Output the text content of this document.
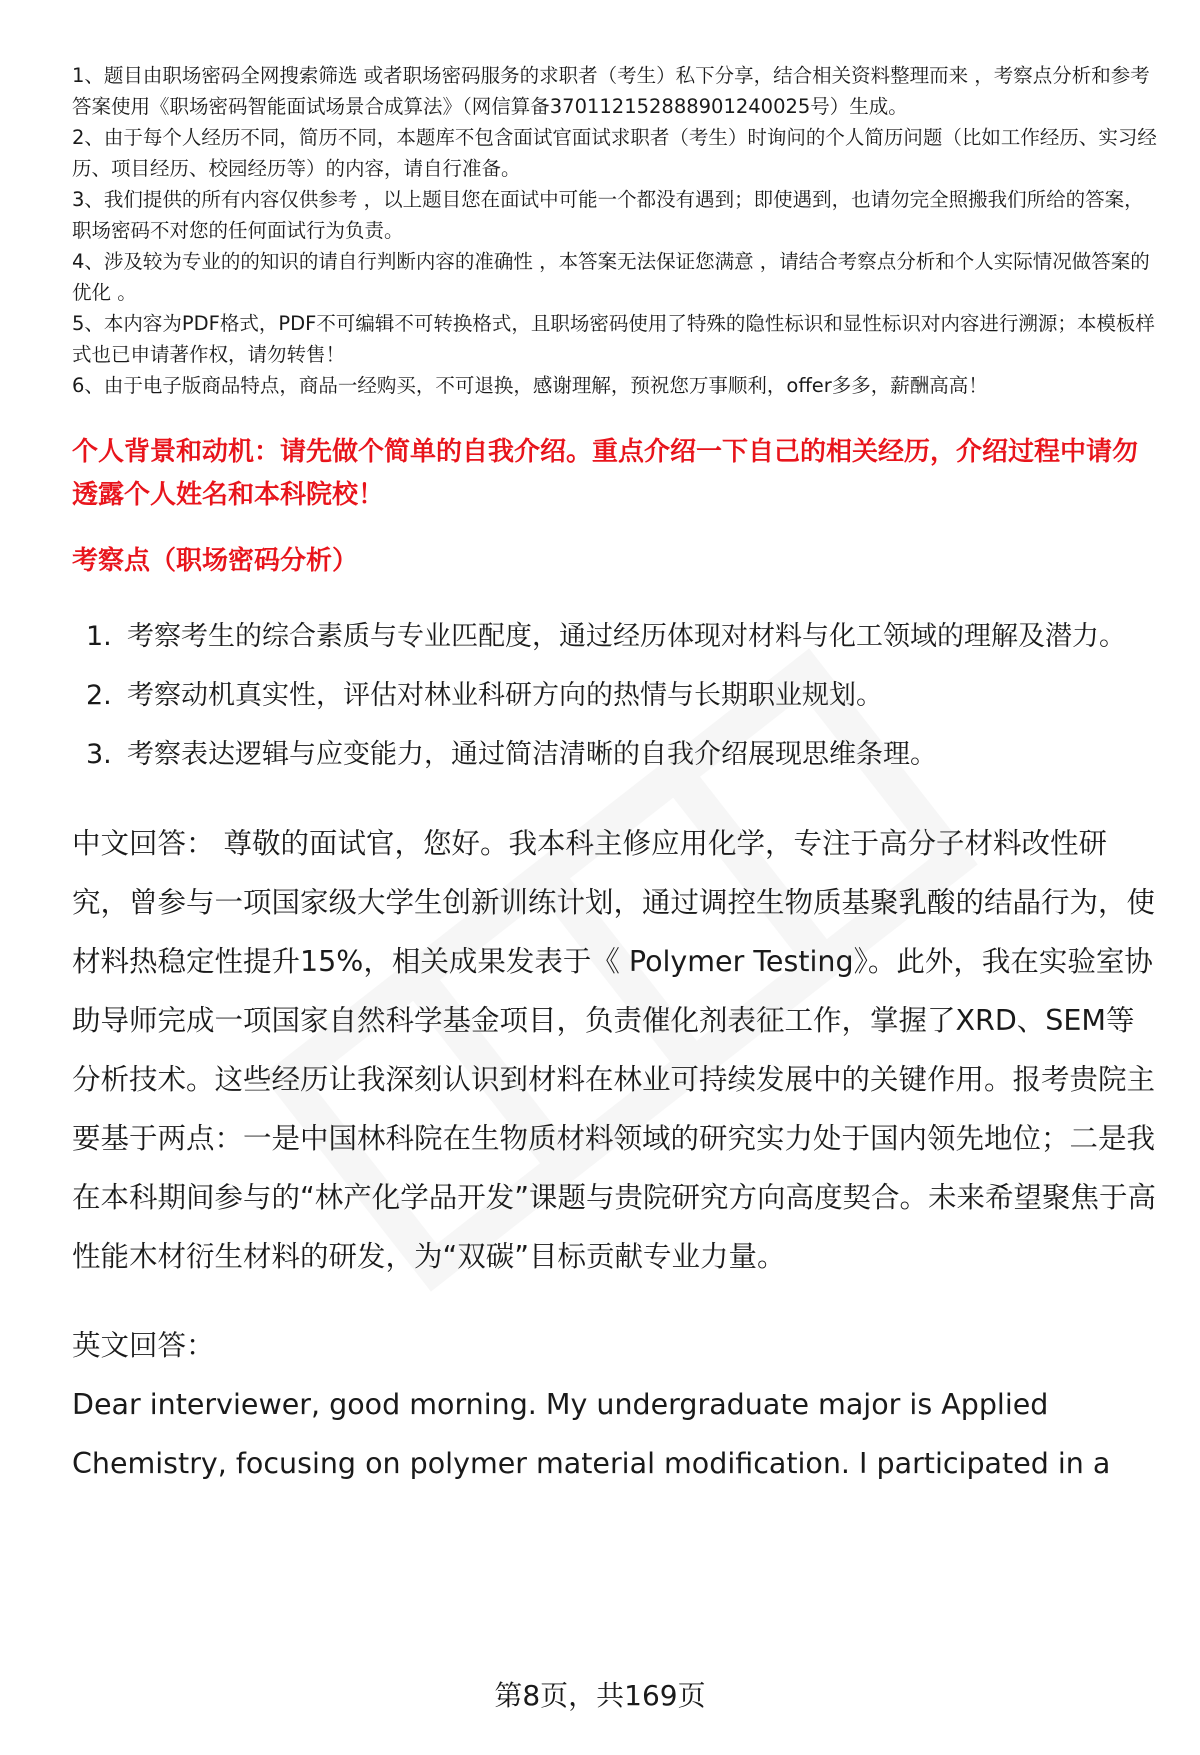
1、题目由职场密码全网搜索筛选 或者职场密码服务的求职者（考生）私下分享，结合相关资料整理而来 ，考察点分析和参考答案使用《职场密码智能面试场景合成算法》（网信算备370112152888901240025号）生成。

2、由于每个人经历不同，简历不同，本题库不包含面试官面试求职者（考生）时询问的个人简历问题（比如工作经历、实习经历、项目经历、校园经历等）的内容，请自行准备。

3、我们提供的所有内容仅供参考 ，以上题目您在面试中可能一个都没有遇到；即使遇到，也请勿完全照搬我们所给的答案，职场密码不对您的任何面试行为负责。

4、涉及较为专业的的知识的请自行判断内容的准确性 ，本答案无法保证您满意 ，请结合考察点分析和个人实际情况做答案的优化 。

5、本内容为PDF格式，PDF不可编辑不可转换格式，且职场密码使用了特殊的隐性标识和显性标识对内容进行溯源；本模板样式也已申请著作权，请勿转售！

6、由于电子版商品特点，商品一经购买，不可退换，感谢理解，预祝您万事顺利，offer多多，薪酬高高！

个人背景和动机：请先做个简单的自我介绍。重点介绍一下自己的相关经历，介绍过程中请勿透露个人姓名和本科院校！
考察点（职场密码分析）
1. 考察考生的综合素质与专业匹配度，通过经历体现对材料与化工领域的理解及潜力。
2. 考察动机真实性，评估对林业科研方向的热情与长期职业规划。
3. 考察表达逻辑与应变能力，通过简洁清晰的自我介绍展现思维条理。

中文回答： 尊敬的面试官，您好。我本科主修应用化学，专注于高分子材料改性研究，曾参与一项国家级大学生创新训练计划，通过调控生物质基聚乳酸的结晶行为，使材料热稳定性提升15%，相关成果发表于《 Polymer Testing》。此外，我在实验室协助导师完成一项国家自然科学基金项目，负责催化剂表征工作，掌握了XRD、SEM等分析技术。这些经历让我深刻认识到材料在林业可持续发展中的关键作用。报考贵院主要基于两点：一是中国林科院在生物质材料领域的研究实力处于国内领先地位；二是我在本科期间参与的“林产化学品开发”课题与贵院研究方向高度契合。未来希望聚焦于高性能木材衍生材料的研发，为“双碳”目标贡献专业力量。

英文回答：

Dear interviewer, good morning. My undergraduate major is Applied Chemistry, focusing on polymer material modification. I participated in a

第8页，共169页
